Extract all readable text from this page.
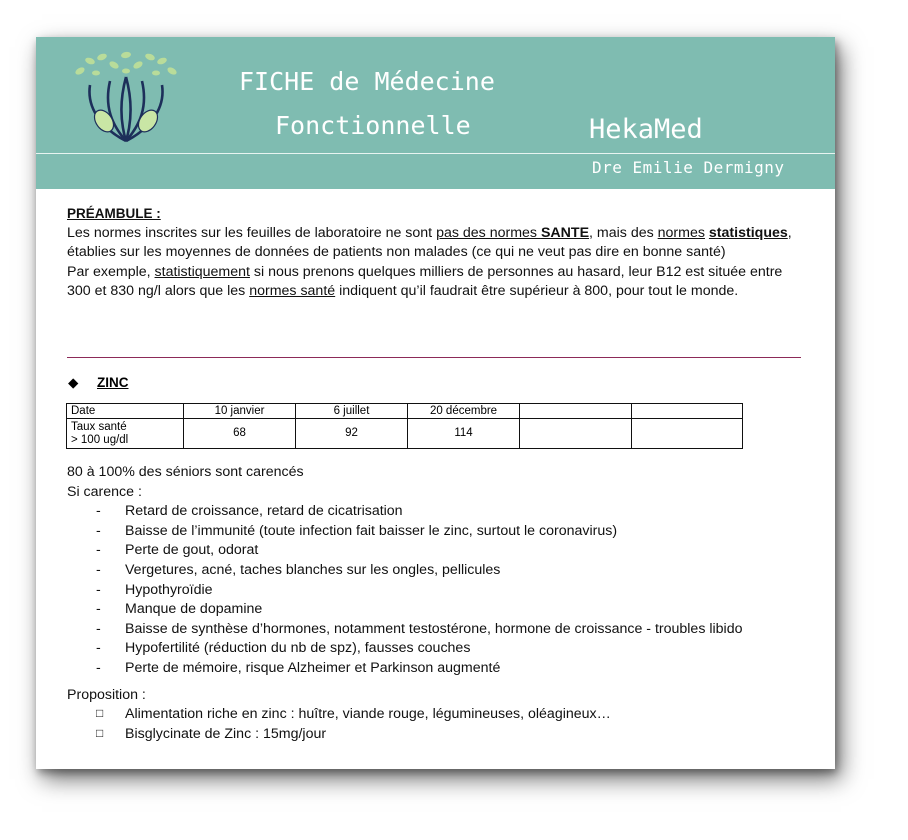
FICHE de Médecine
Fonctionnelle	HekaMed
Dre Emilie Dermigny
PRÉAMBULE :
Les normes inscrites sur les feuilles de laboratoire ne sont pas des normes SANTE, mais des normes statistiques, établies sur les moyennes de données de patients non malades (ce qui ne veut pas dire en bonne santé)
Par exemple, statistiquement si nous prenons quelques milliers de personnes au hasard, leur B12 est située entre 300 et 830 ng/l alors que les normes santé indiquent qu’il faudrait être supérieur à 800, pour tout le monde.
◆ ZINC
Date	10 janvier	6 juillet	20 décembre		

Taux santé
> 100 ug/dl	68	92	114		
80 à 100% des séniors sont carencés
Si carence :
- Retard de croissance, retard de cicatrisation
- Baisse de l’immunité (toute infection fait baisser le zinc, surtout le coronavirus)
- Perte de gout, odorat
- Vergetures, acné, taches blanches sur les ongles, pellicules
- Hypothyroïdie
- Manque de dopamine
- Baisse de synthèse d’hormones, notamment testostérone, hormone de croissance - troubles libido
- Hypofertilité (réduction du nb de spz), fausses couches
- Perte de mémoire, risque Alzheimer et Parkinson augmenté
Proposition :
□ Alimentation riche en zinc : huître, viande rouge, légumineuses, oléagineux…
□ Bisglycinate de Zinc : 15mg/jour
